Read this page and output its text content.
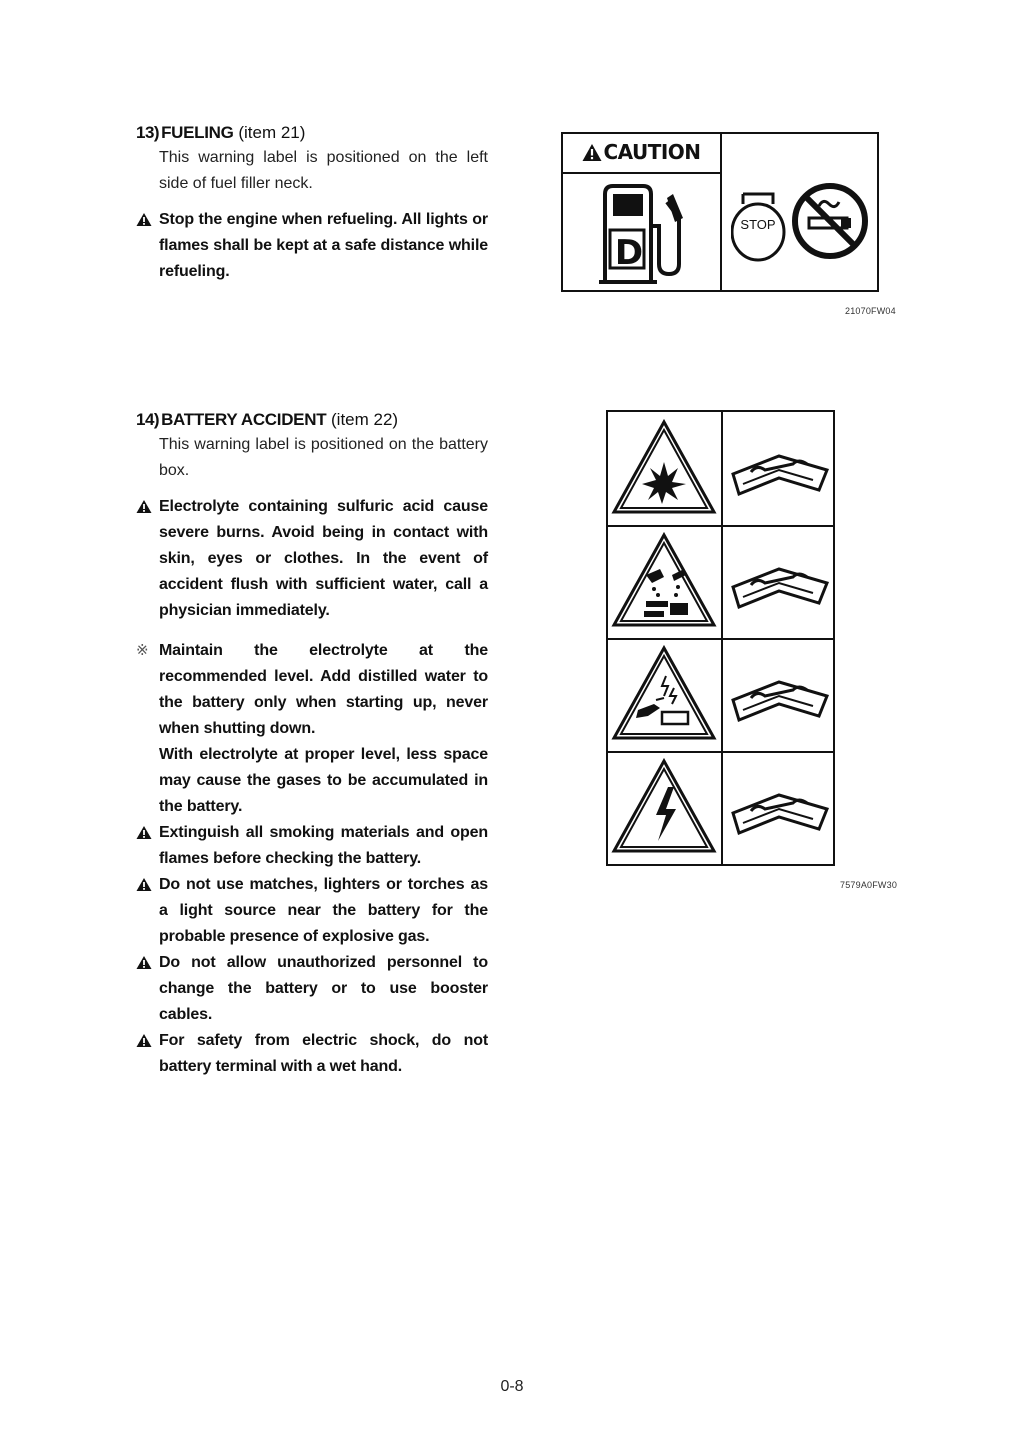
13) FUELING (item 21)
This warning label is positioned on the left side of fuel filler neck.
Stop the engine when refueling. All lights or flames shall be kept at a safe distance while refueling.
CAUTION
D
STOP
21070FW04
14) BATTERY ACCIDENT (item 22)
This warning label is positioned on the battery box.
Electrolyte containing sulfuric acid cause severe burns. Avoid being in contact with skin, eyes or clothes. In the event of accident flush with sufficient water, call a physician immediately.
※ Maintain the electrolyte at the recommended level. Add distilled water to the battery only when starting up, never when shutting down.
With electrolyte at proper level, less space may cause the gases to be accumulated in the battery.
Extinguish all smoking materials and open flames before checking the battery.
Do not use matches, lighters or torches as a light source near the battery for the probable presence of explosive gas.
Do not allow unauthorized personnel to change the battery or to use booster cables.
For safety from electric shock, do not battery terminal with a wet hand.
7579A0FW30
0-8
